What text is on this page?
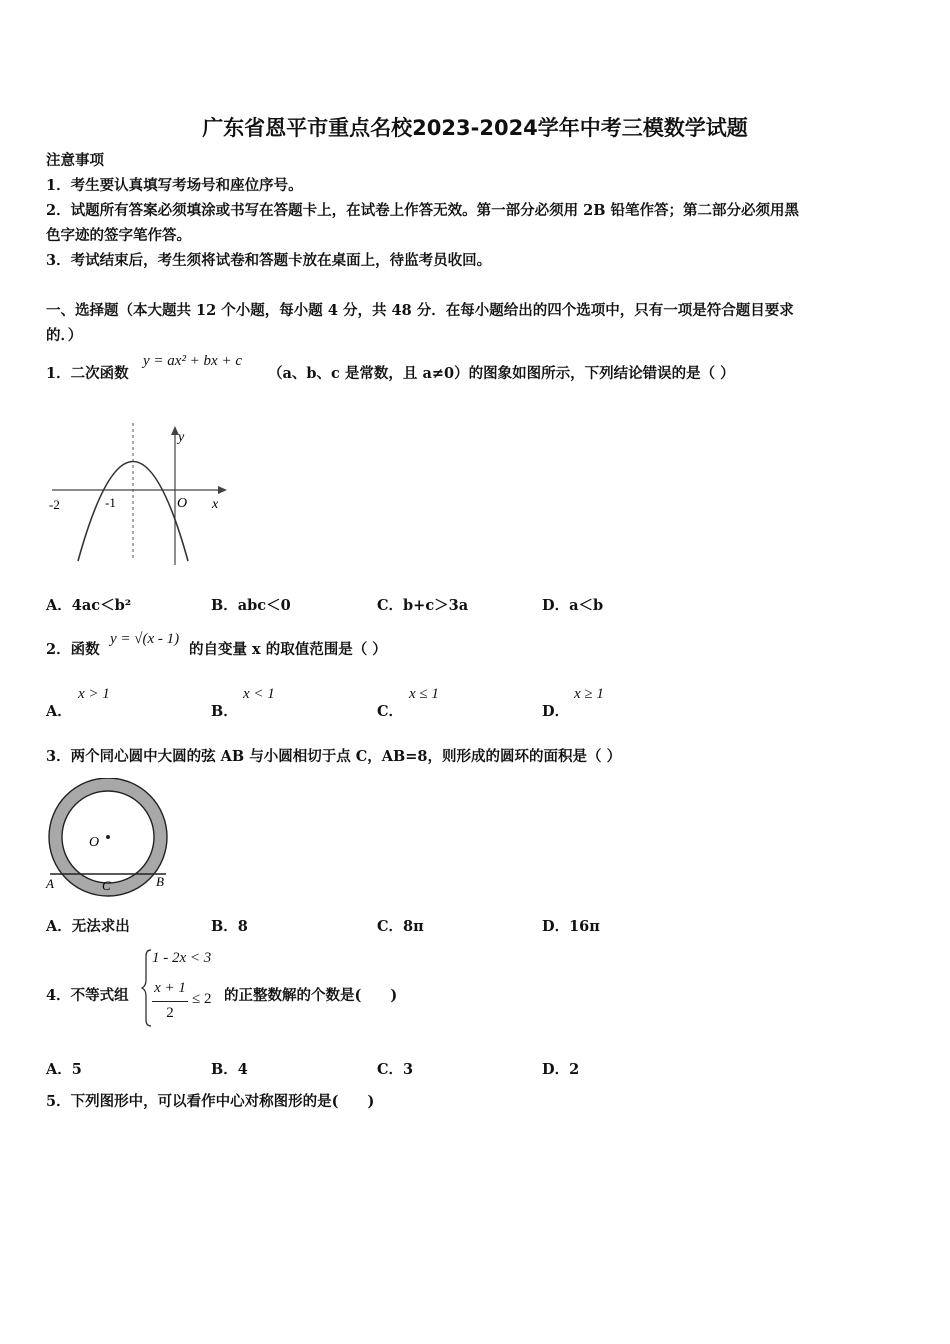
广东省恩平市重点名校2023-2024学年中考三模数学试题
注意事项
1．考生要认真填写考场号和座位序号。
2．试题所有答案必须填涂或书写在答题卡上，在试卷上作答无效。第一部分必须用 2B 铅笔作答；第二部分必须用黑
色字迹的签字笔作答。
3．考试结束后，考生须将试卷和答题卡放在桌面上，待监考员收回。
一、选择题（本大题共 12 个小题，每小题 4 分，共 48 分．在每小题给出的四个选项中，只有一项是符合题目要求
的．）
1．二次函数
y = ax² + bx + c
（a、b、c 是常数，且 a≠0）的图象如图所示，下列结论错误的是（ ）
y
x
O
-2	-1
A．4ac＜b²	B．abc＜0	C．b+c＞3a	D．a＜b
2．函数
y = √(x - 1)
的自变量 x 的取值范围是（ ）
A．
x > 1
B．
x < 1
C．
x ≤ 1
D．
x ≥ 1
3．两个同心圆中大圆的弦 AB 与小圆相切于点 C，AB=8，则形成的圆环的面积是（ ）
O
A	B
C
A．无法求出	B．8	C．8π	D．16π
4．不等式组
1 - 2x < 3
x + 1
2
≤ 2 的正整数解的个数是(　　)
A．5	B．4	C．3	D．2
5．下列图形中，可以看作中心对称图形的是(　　)
